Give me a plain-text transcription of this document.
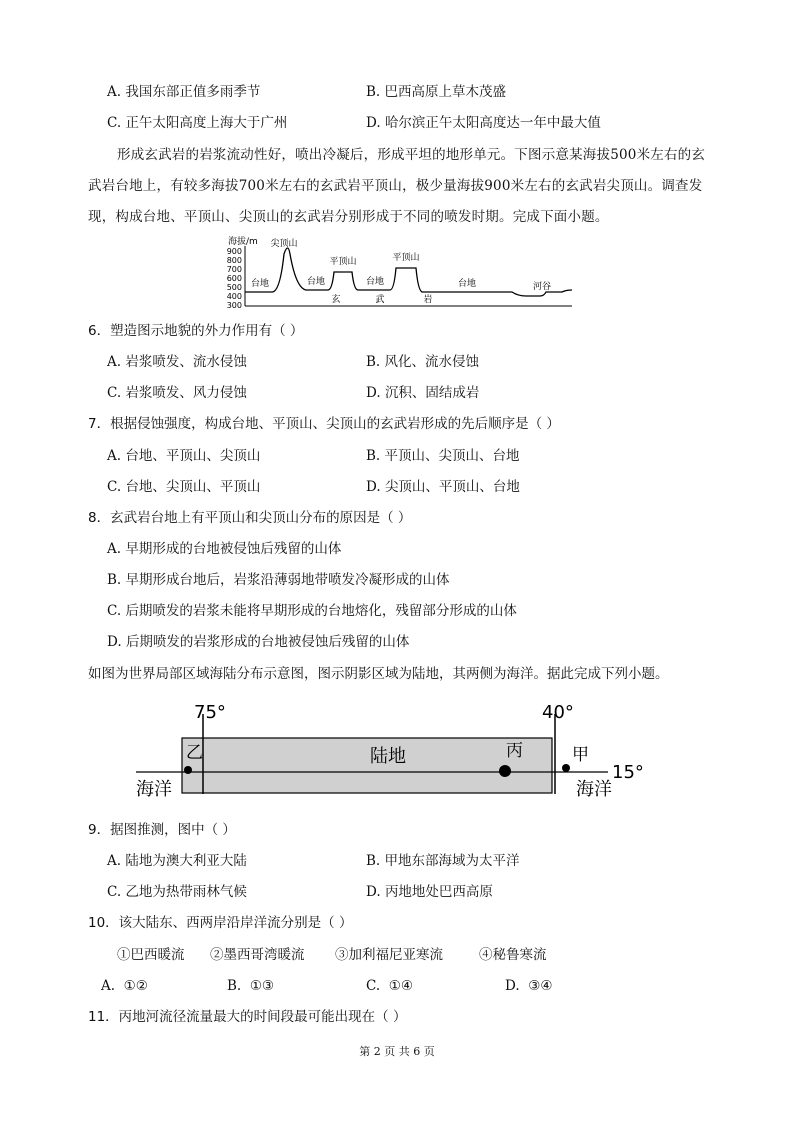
A. 我国东部正值多雨季节	B. 巴西高原上草木茂盛
C. 正午太阳高度上海大于广州	D. 哈尔滨正午太阳高度达一年中最大值
形成玄武岩的岩浆流动性好，喷出冷凝后，形成平坦的地形单元。下图示意某海拔500米左右的玄
武岩台地上，有较多海拔700米左右的玄武岩平顶山，极少量海拔900米左右的玄武岩尖顶山。调查发
现，构成台地、平顶山、尖顶山的玄武岩分别形成于不同的喷发时期。完成下面小题。
海拔/m
900
800
700
600
500
400
300
尖顶山
平顶山	平顶山
台地	台地	台地	台地	河谷
玄	武	岩
6．塑造图示地貌的外力作用有（ ）
A. 岩浆喷发、流水侵蚀	B. 风化、流水侵蚀
C. 岩浆喷发、风力侵蚀	D. 沉积、固结成岩
7．根据侵蚀强度，构成台地、平顶山、尖顶山的玄武岩形成的先后顺序是（ ）
A. 台地、平顶山、尖顶山	B. 平顶山、尖顶山、台地
C. 台地、尖顶山、平顶山	D. 尖顶山、平顶山、台地
8．玄武岩台地上有平顶山和尖顶山分布的原因是（ ）
A. 早期形成的台地被侵蚀后残留的山体
B. 早期形成台地后，岩浆沿薄弱地带喷发冷凝形成的山体
C. 后期喷发的岩浆未能将早期形成的台地熔化，残留部分形成的山体
D. 后期喷发的岩浆形成的台地被侵蚀后残留的山体
如图为世界局部区域海陆分布示意图，图示阴影区域为陆地，其两侧为海洋。据此完成下列小题。
75°	40°
15°
陆地
海洋	海洋
乙	丙	甲
9．据图推测，图中（ ）
A. 陆地为澳大利亚大陆	B. 甲地东部海域为太平洋
C. 乙地为热带雨林气候	D. 丙地地处巴西高原
10．该大陆东、西两岸沿岸洋流分别是（ ）
①巴西暖流 ②墨西哥湾暖流 ③加利福尼亚寒流	④秘鲁寒流
A. ①②	B. ①③	C. ①④	D. ③④
11．丙地河流径流量最大的时间段最可能出现在（ ）
第 2 页 共 6 页
